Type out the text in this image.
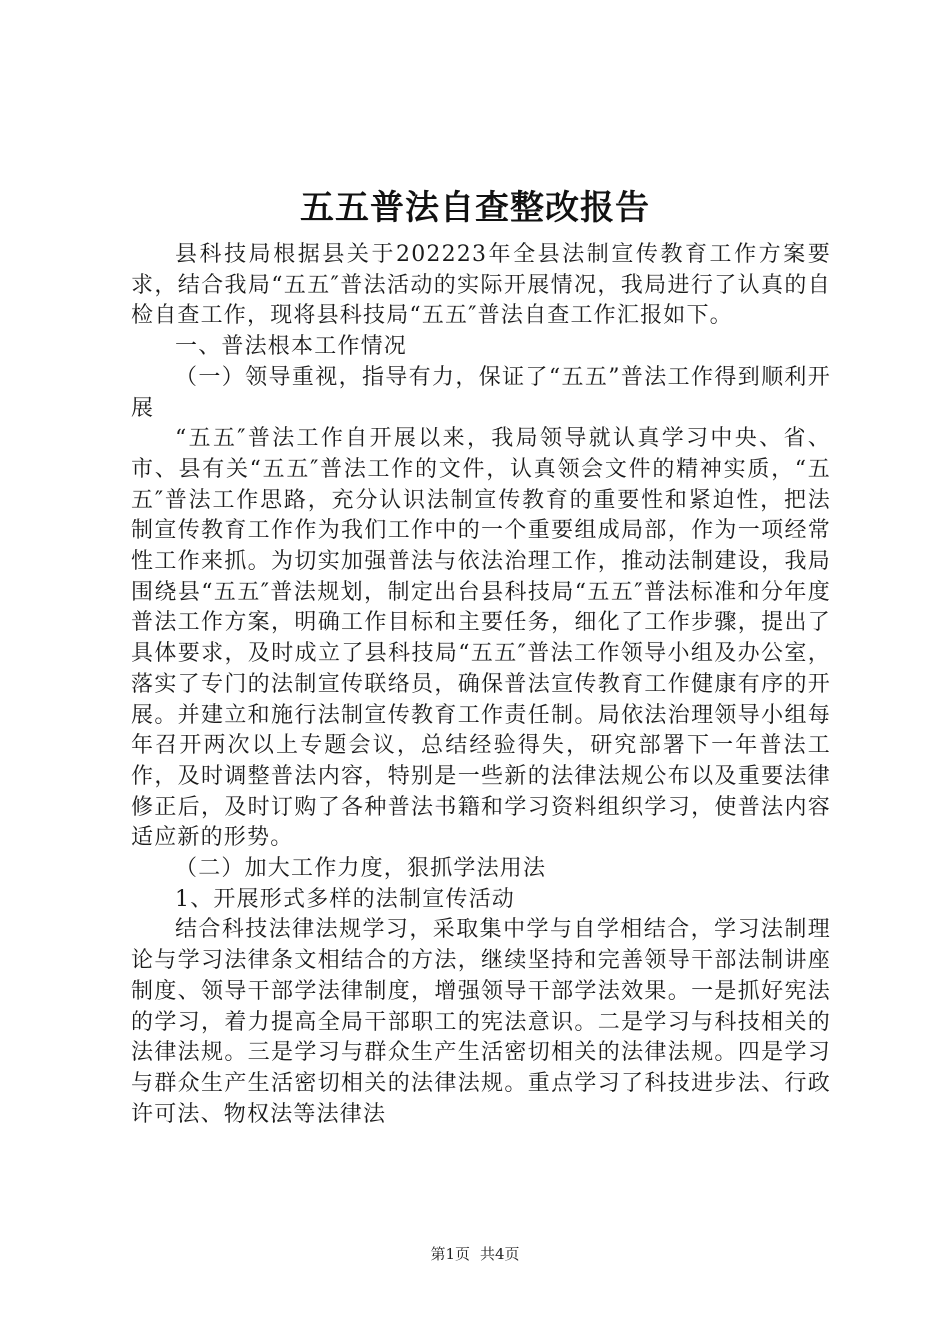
五五普法自查整改报告

县科技局根据县关于202223年全县法制宣传教育工作方案要求，结合我局“五五″普法活动的实际开展情况，我局进行了认真的自检自查工作，现将县科技局“五五″普法自查工作汇报如下。

一、普法根本工作情况

（一）领导重视，指导有力，保证了“五五”普法工作得到顺利开展

“五五″普法工作自开展以来，我局领导就认真学习中央、省、市、县有关“五五″普法工作的文件，认真领会文件的精神实质，“五五″普法工作思路，充分认识法制宣传教育的重要性和紧迫性，把法制宣传教育工作作为我们工作中的一个重要组成局部，作为一项经常性工作来抓。为切实加强普法与依法治理工作，推动法制建设，我局围绕县“五五″普法规划，制定出台县科技局“五五″普法标准和分年度普法工作方案，明确工作目标和主要任务，细化了工作步骤，提出了具体要求，及时成立了县科技局“五五″普法工作领导小组及办公室，落实了专门的法制宣传联络员，确保普法宣传教育工作健康有序的开展。并建立和施行法制宣传教育工作责任制。局依法治理领导小组每年召开两次以上专题会议，总结经验得失，研究部署下一年普法工作，及时调整普法内容，特别是一些新的法律法规公布以及重要法律修正后，及时订购了各种普法书籍和学习资料组织学习，使普法内容适应新的形势。

（二）加大工作力度，狠抓学法用法

1、开展形式多样的法制宣传活动

结合科技法律法规学习，采取集中学与自学相结合，学习法制理论与学习法律条文相结合的方法，继续坚持和完善领导干部法制讲座制度、领导干部学法律制度，增强领导干部学法效果。一是抓好宪法的学习，着力提高全局干部职工的宪法意识。二是学习与科技相关的法律法规。三是学习与群众生产生活密切相关的法律法规。四是学习与群众生产生活密切相关的法律法规。重点学习了科技进步法、行政许可法、物权法等法律法

第1页 共4页
